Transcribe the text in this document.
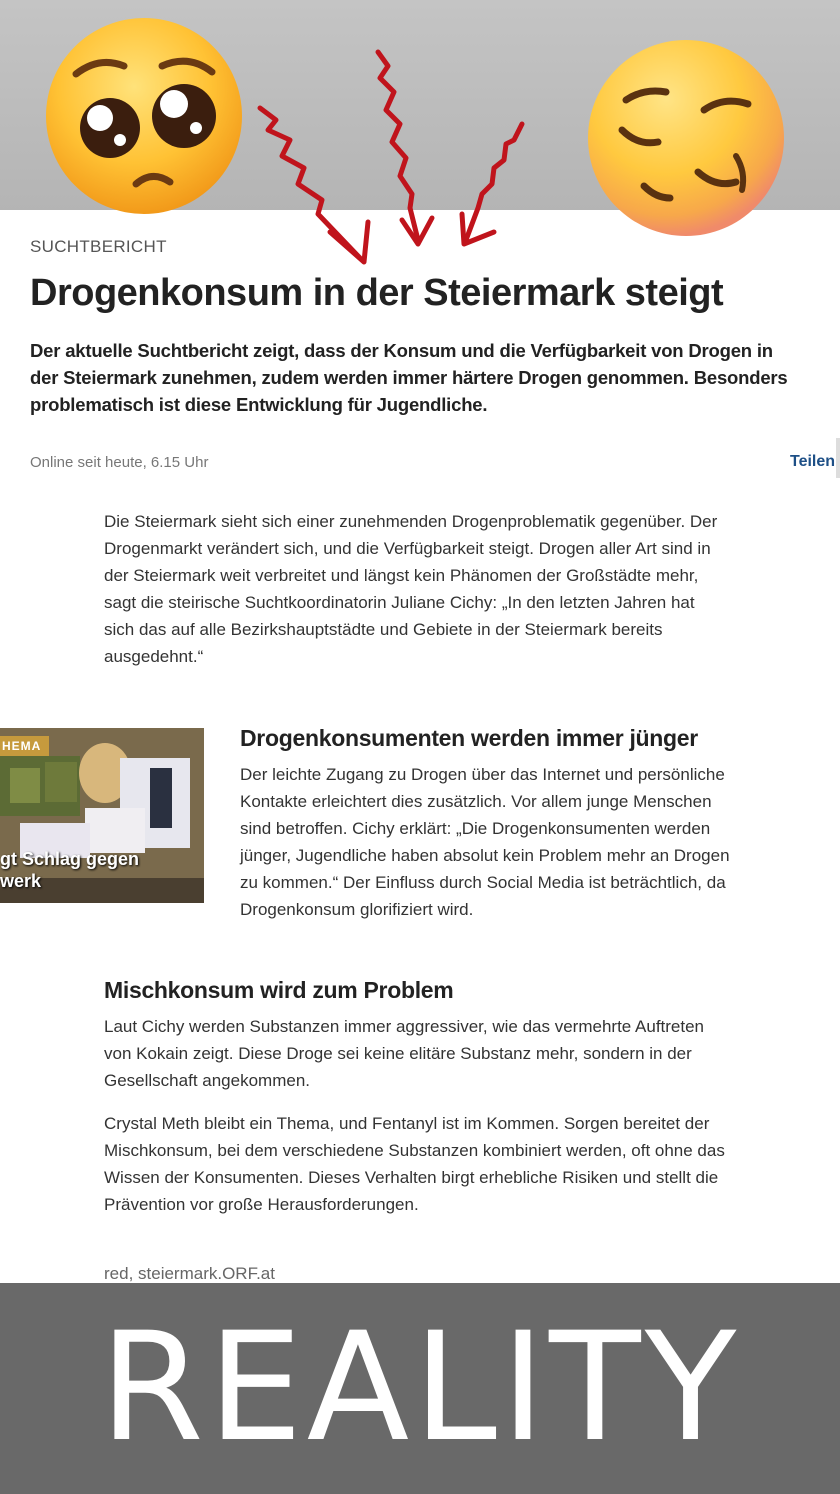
SUCHTBERICHT
Drogenkonsum in der Steiermark steigt
Der aktuelle Suchtbericht zeigt, dass der Konsum und die Verfügbarkeit von Drogen in der Steiermark zunehmen, zudem werden immer härtere Drogen genommen. Besonders problematisch ist diese Entwicklung für Jugendliche.
Online seit heute, 6.15 Uhr	Teilen
Die Steiermark sieht sich einer zunehmenden Drogenproblematik gegenüber. Der Drogenmarkt verändert sich, und die Verfügbarkeit steigt. Drogen aller Art sind in der Steiermark weit verbreitet und längst kein Phänomen der Großstädte mehr, sagt die steirische Suchtkoordinatorin Juliane Cichy: „In den letzten Jahren hat sich das auf alle Bezirkshauptstädte und Gebiete in der Steiermark bereits ausgedehnt.“
HEMA
gt Schlag gegen
werk
Drogenkonsumenten werden immer jünger
Der leichte Zugang zu Drogen über das Internet und persönliche Kontakte erleichtert dies zusätzlich. Vor allem junge Menschen sind betroffen. Cichy erklärt: „Die Drogenkonsumenten werden jünger, Jugendliche haben absolut kein Problem mehr an Drogen zu kommen.“ Der Einfluss durch Social Media ist beträchtlich, da Drogenkonsum glorifiziert wird.
Mischkonsum wird zum Problem
Laut Cichy werden Substanzen immer aggressiver, wie das vermehrte Auftreten von Kokain zeigt. Diese Droge sei keine elitäre Substanz mehr, sondern in der Gesellschaft angekommen.
Crystal Meth bleibt ein Thema, und Fentanyl ist im Kommen. Sorgen bereitet der Mischkonsum, bei dem verschiedene Substanzen kombiniert werden, oft ohne das Wissen der Konsumenten. Dieses Verhalten birgt erhebliche Risiken und stellt die Prävention vor große Herausforderungen.
red, steiermark.ORF.at
REALITY
